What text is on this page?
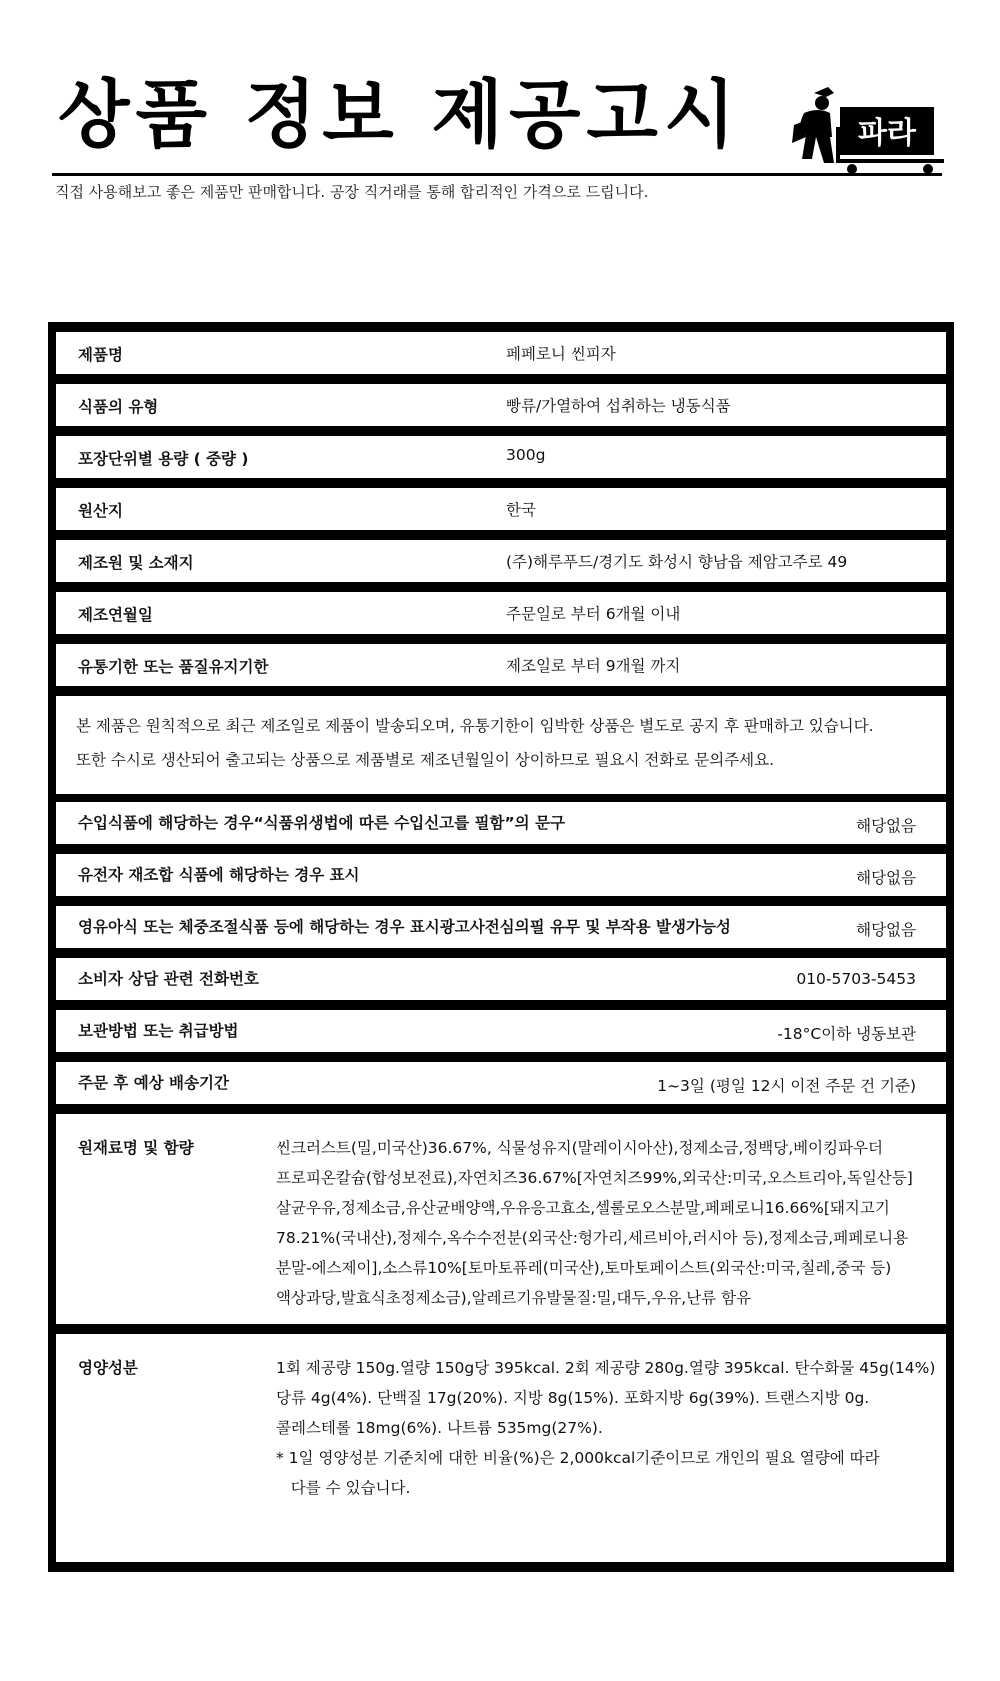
상품 정보 제공고시
직접 사용해보고 좋은 제품만 판매합니다. 공장 직거래를 통해 합리적인 가격으로 드립니다.
파라
제품명	페페로니 씬피자
식품의 유형	빵류/가열하여 섭취하는 냉동식품
포장단위별 용량 ( 중량 )	300g
원산지	한국
제조원 및 소재지	(주)해루푸드/경기도 화성시 향남읍 제암고주로 49
제조연월일	주문일로 부터 6개월 이내
유통기한 또는 품질유지기한	제조일로 부터 9개월 까지
본 제품은 원칙적으로 최근 제조일로 제품이 발송되오며, 유통기한이 임박한 상품은 별도로 공지 후 판매하고 있습니다.
또한 수시로 생산되어 출고되는 상품으로 제품별로 제조년월일이 상이하므로 필요시 전화로 문의주세요.
수입식품에 해당하는 경우“식품위생법에 따른 수입신고를 필함”의 문구	해당없음
유전자 재조합 식품에 해당하는 경우 표시	해당없음
영유아식 또는 체중조절식품 등에 해당하는 경우 표시광고사전심의필 유무 및 부작용 발생가능성	해당없음
소비자 상담 관련 전화번호	010-5703-5453
보관방법 또는 취급방법	-18°C이하 냉동보관
주문 후 예상 배송기간	1~3일 (평일 12시 이전 주문 건 기준)
원재료명 및 함량	씬크러스트(밀,미국산)36.67%, 식물성유지(말레이시아산),정제소금,정백당,베이킹파우더
프로피온칼슘(합성보전료),자연치즈36.67%[자연치즈99%,외국산:미국,오스트리아,독일산등]
살균우유,정제소금,유산균배양액,우유응고효소,셀룰로오스분말,페페로니16.66%[돼지고기
78.21%(국내산),정제수,옥수수전분(외국산:헝가리,세르비아,러시아 등),정제소금,페페로니용
분말-에스제이],소스류10%[토마토퓨레(미국산),토마토페이스트(외국산:미국,칠레,중국 등)
액상과당,발효식초정제소금),알레르기유발물질:밀,대두,우유,난류 함유
영양성분	1회 제공량 150g.열량 150g당 395kcal. 2회 제공량 280g.열량 395kcal. 탄수화물 45g(14%)
당류 4g(4%). 단백질 17g(20%). 지방 8g(15%). 포화지방 6g(39%). 트랜스지방 0g.
콜레스테롤 18mg(6%). 나트륨 535mg(27%).
* 1일 영양성분 기준치에 대한 비율(%)은 2,000kcal기준이므로 개인의 필요 열량에 따라
다를 수 있습니다.
